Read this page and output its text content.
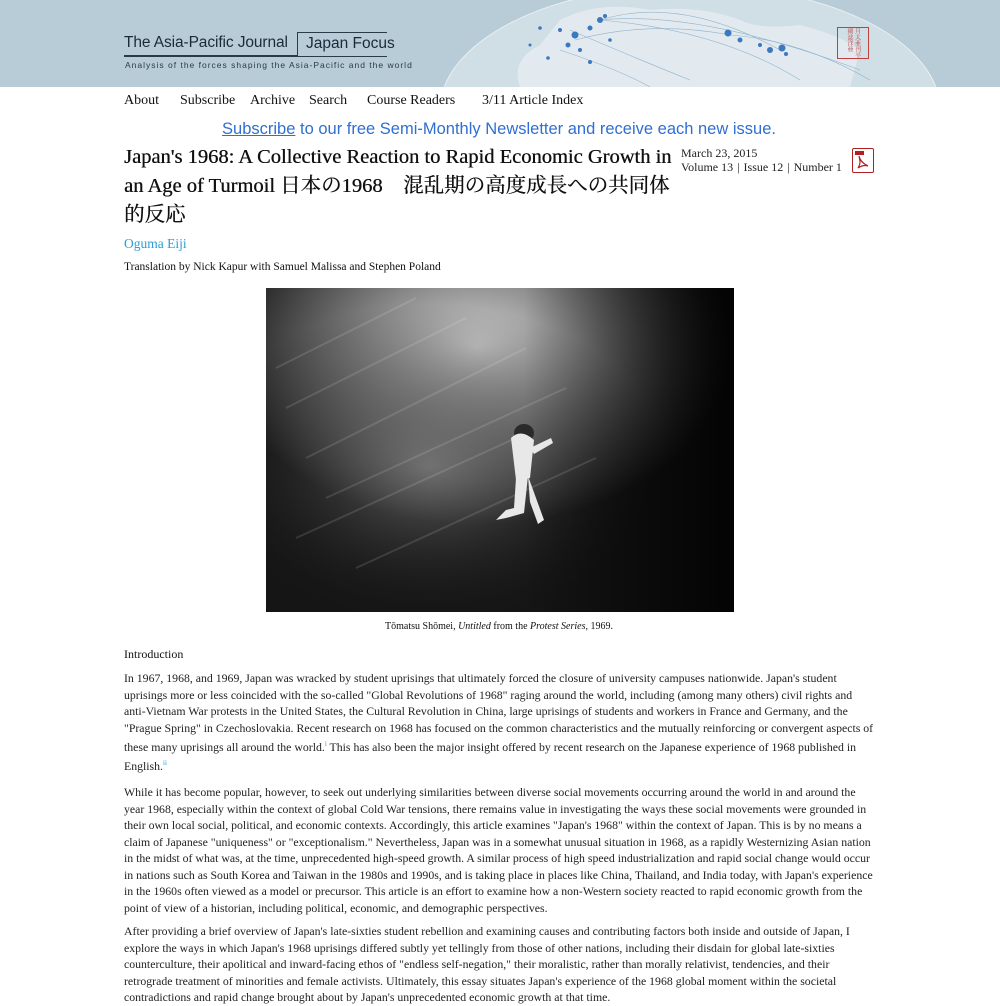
The Asia-Pacific Journal Japan Focus
Analysis of the forces shaping the Asia-Pacific and the world
月太亜刊平細誌洋亜
About Subscribe Archive Search Course Readers 3/11 Article Index
Subscribe to our free Semi-Monthly Newsletter and receive each new issue.
Japan's 1968: A Collective Reaction to Rapid Economic Growth in an Age of Turmoil 日本の1968　混乱期の高度成長への共同体的反応
March 23, 2015
Volume 13 | Issue 12 | Number 1
Oguma Eiji
Translation by Nick Kapur with Samuel Malissa and Stephen Poland
Tōmatsu Shōmei, Untitled from the Protest Series, 1969.
Introduction

In 1967, 1968, and 1969, Japan was wracked by student uprisings that ultimately forced the closure of university campuses nationwide. Japan's student uprisings more or less coincided with the so-called "Global Revolutions of 1968" raging around the world, including (among many others) civil rights and anti-Vietnam War protests in the United States, the Cultural Revolution in China, large uprisings of students and workers in France and Germany, and the "Prague Spring" in Czechoslovakia. Recent research on 1968 has focused on the common characteristics and the mutually reinforcing or convergent aspects of these many uprisings all around the world.$^i$ This has also been the major insight offered by recent research on the Japanese experience of 1968 published in English.$^{ii}$

While it has become popular, however, to seek out underlying similarities between diverse social movements occurring around the world in and around the year 1968, especially within the context of global Cold War tensions, there remains value in investigating the ways these social movements were grounded in their own local social, political, and economic contexts. Accordingly, this article examines "Japan's 1968" within the context of Japan. This is by no means a claim of Japanese "uniqueness" or "exceptionalism." Nevertheless, Japan was in a somewhat unusual situation in 1968, as a rapidly Westernizing Asian nation in the midst of what was, at the time, unprecedented high-speed growth. A similar process of high speed industrialization and rapid social change would occur in nations such as South Korea and Taiwan in the 1980s and 1990s, and is taking place in places like China, Thailand, and India today, with Japan's experience in the 1960s often viewed as a model or precursor. This article is an effort to examine how a non-Western society reacted to rapid economic growth from the point of view of a historian, including political, economic, and demographic perspectives.

After providing a brief overview of Japan's late-sixties student rebellion and examining causes and contributing factors both inside and outside of Japan, I explore the ways in which Japan's 1968 uprisings differed subtly yet tellingly from those of other nations, including their disdain for global late-sixties counterculture, their apolitical and inward-facing ethos of "endless self-negation," their moralistic, rather than morally relativist, tendencies, and their retrograde treatment of minorities and female activists. Ultimately, this essay situates Japan's experience of the 1968 global moment within the societal contradictions and rapid change brought about by Japan's unprecedented economic growth at that time.
